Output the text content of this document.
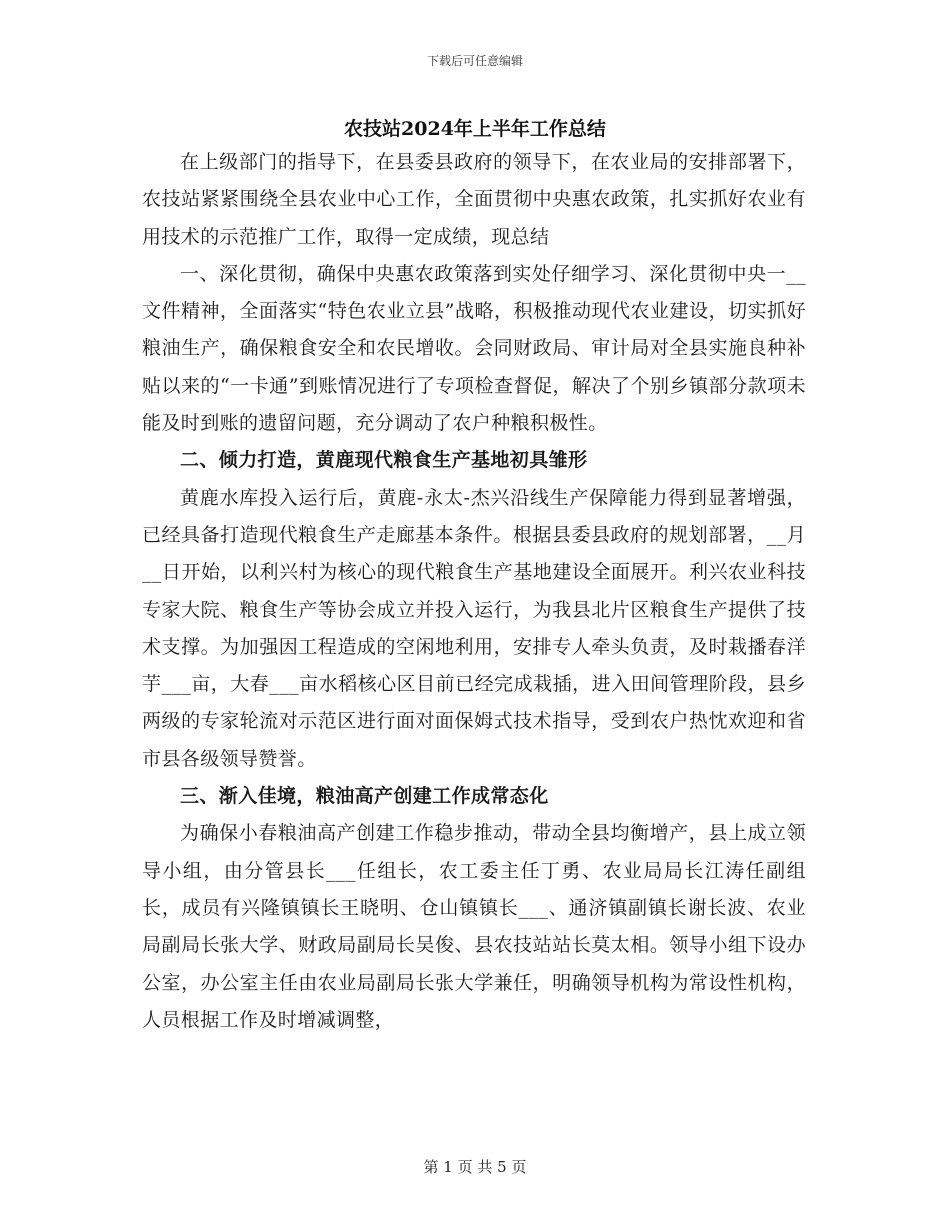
下载后可任意编辑
农技站2024年上半年工作总结

在上级部门的指导下，在县委县政府的领导下，在农业局的安排部署下，农技站紧紧围绕全县农业中心工作，全面贯彻中央惠农政策，扎实抓好农业有用技术的示范推广工作，取得一定成绩，现总结

一、深化贯彻，确保中央惠农政策落到实处仔细学习、深化贯彻中央一__文件精神，全面落实“特色农业立县”战略，积极推动现代农业建设，切实抓好粮油生产，确保粮食安全和农民增收。会同财政局、审计局对全县实施良种补贴以来的“一卡通”到账情况进行了专项检查督促，解决了个别乡镇部分款项未能及时到账的遗留问题，充分调动了农户种粮积极性。

二、倾力打造，黄鹿现代粮食生产基地初具雏形

黄鹿水库投入运行后，黄鹿-永太-杰兴沿线生产保障能力得到显著增强，已经具备打造现代粮食生产走廊基本条件。根据县委县政府的规划部署，__月__日开始，以利兴村为核心的现代粮食生产基地建设全面展开。利兴农业科技专家大院、粮食生产等协会成立并投入运行，为我县北片区粮食生产提供了技术支撑。为加强因工程造成的空闲地利用，安排专人牵头负责，及时栽播春洋芋___亩，大春___亩水稻核心区目前已经完成栽插，进入田间管理阶段，县乡两级的专家轮流对示范区进行面对面保姆式技术指导，受到农户热忱欢迎和省市县各级领导赞誉。

三、渐入佳境，粮油高产创建工作成常态化

为确保小春粮油高产创建工作稳步推动，带动全县均衡增产，县上成立领导小组，由分管县长___任组长，农工委主任丁勇、农业局局长江涛任副组长，成员有兴隆镇镇长王晓明、仓山镇镇长___、通济镇副镇长谢长波、农业局副局长张大学、财政局副局长吴俊、县农技站站长莫太相。领导小组下设办公室，办公室主任由农业局副局长张大学兼任，明确领导机构为常设性机构，人员根据工作及时增减调整，

第 1 页 共 5 页
